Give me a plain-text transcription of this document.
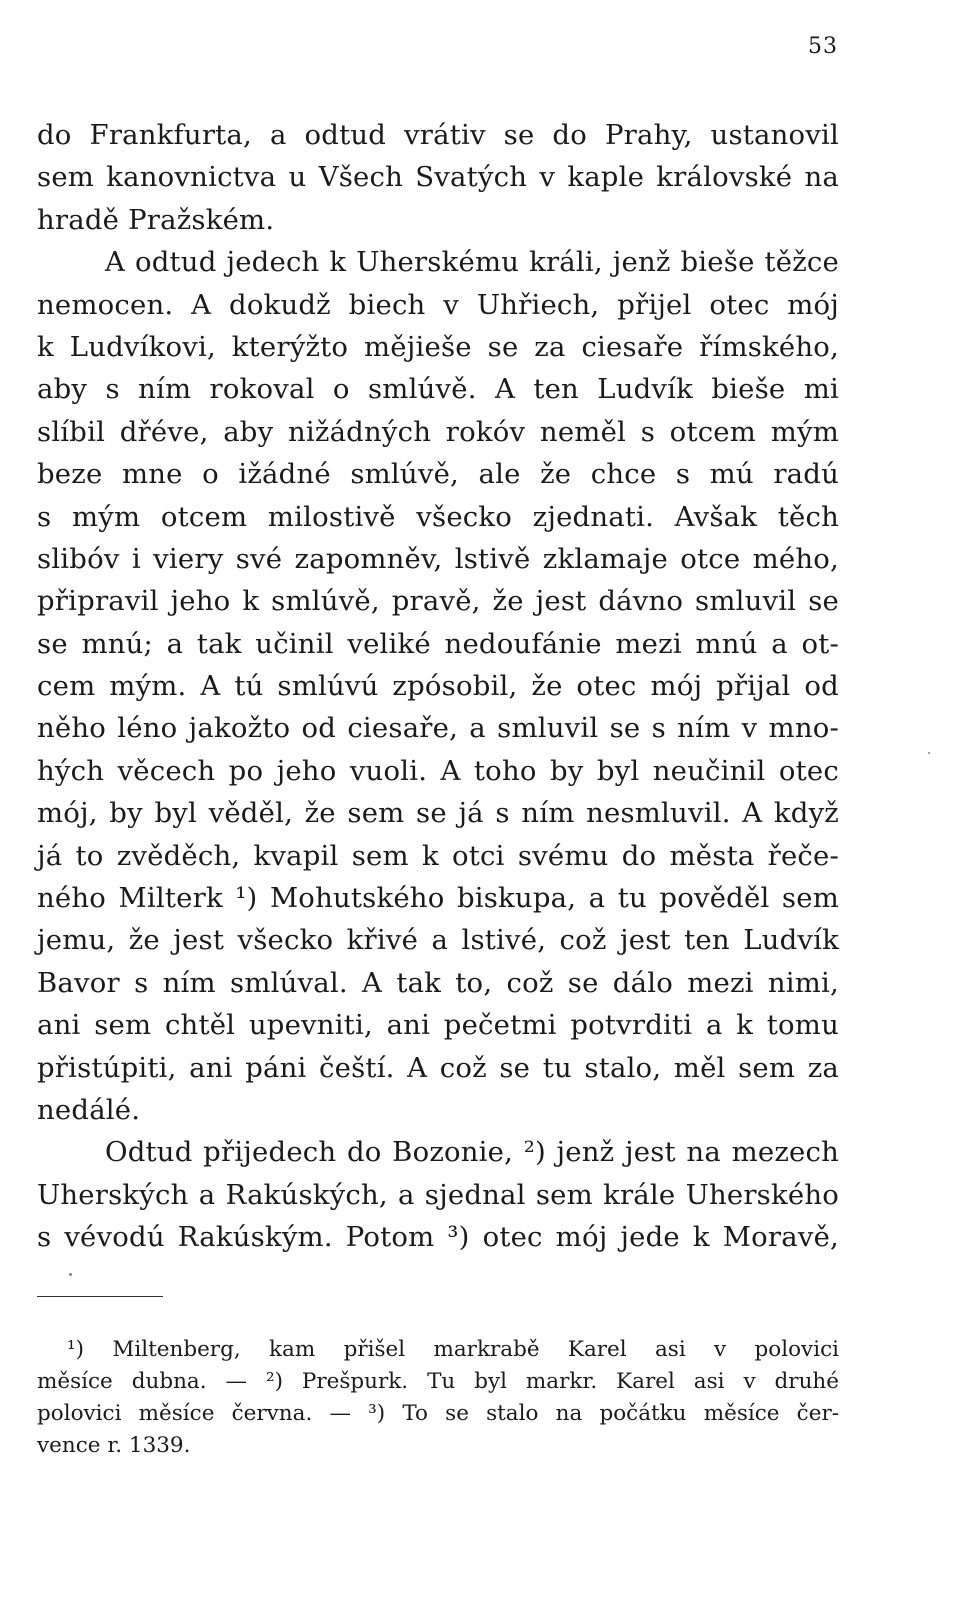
53
do Frankfurta, a odtud vrátiv se do Prahy, ustanovil
sem kanovnictva u Všech Svatých v kaple královské na
hradě Pražském.
A odtud jedech k Uherskému králi, jenž bieše těžce
nemocen. A dokudž biech v Uhřiech, přijel otec mój
k Ludvíkovi, kterýžto mějieše se za ciesaře římského,
aby s ním rokoval o smlúvě. A ten Ludvík bieše mi
slíbil dřéve, aby nižádných rokóv neměl s otcem mým
beze mne o ižádné smlúvě, ale že chce s mú radú
s mým otcem milostivě všecko zjednati. Avšak těch
slibóv i viery své zapomněv, lstivě zklamaje otce mého,
připravil jeho k smlúvě, pravě, že jest dávno smluvil se
se mnú; a tak učinil veliké nedoufánie mezi mnú a ot-
cem mým. A tú smlúvú zpósobil, že otec mój přijal od
něho léno jakožto od ciesaře, a smluvil se s ním v mno-
hých věcech po jeho vuoli. A toho by byl neučinil otec
mój, by byl věděl, že sem se já s ním nesmluvil. A když
já to zvěděch, kvapil sem k otci svému do města řeče-
ného Milterk ¹) Mohutského biskupa, a tu pověděl sem
jemu, že jest všecko křivé a lstivé, což jest ten Ludvík
Bavor s ním smlúval. A tak to, což se dálo mezi nimi,
ani sem chtěl upevniti, ani pečetmi potvrditi a k tomu
přistúpiti, ani páni čeští. A což se tu stalo, měl sem za
nedálé.
Odtud přijedech do Bozonie, ²) jenž jest na mezech
Uherských a Rakúských, a sjednal sem krále Uherského
s vévodú Rakúským. Potom ³) otec mój jede k Moravě,
¹) Miltenberg, kam přišel markrabě Karel asi v polovici
měsíce dubna. — ²) Prešpurk. Tu byl markr. Karel asi v druhé
polovici měsíce června. — ³) To se stalo na počátku měsíce čer-
vence r. 1339.
